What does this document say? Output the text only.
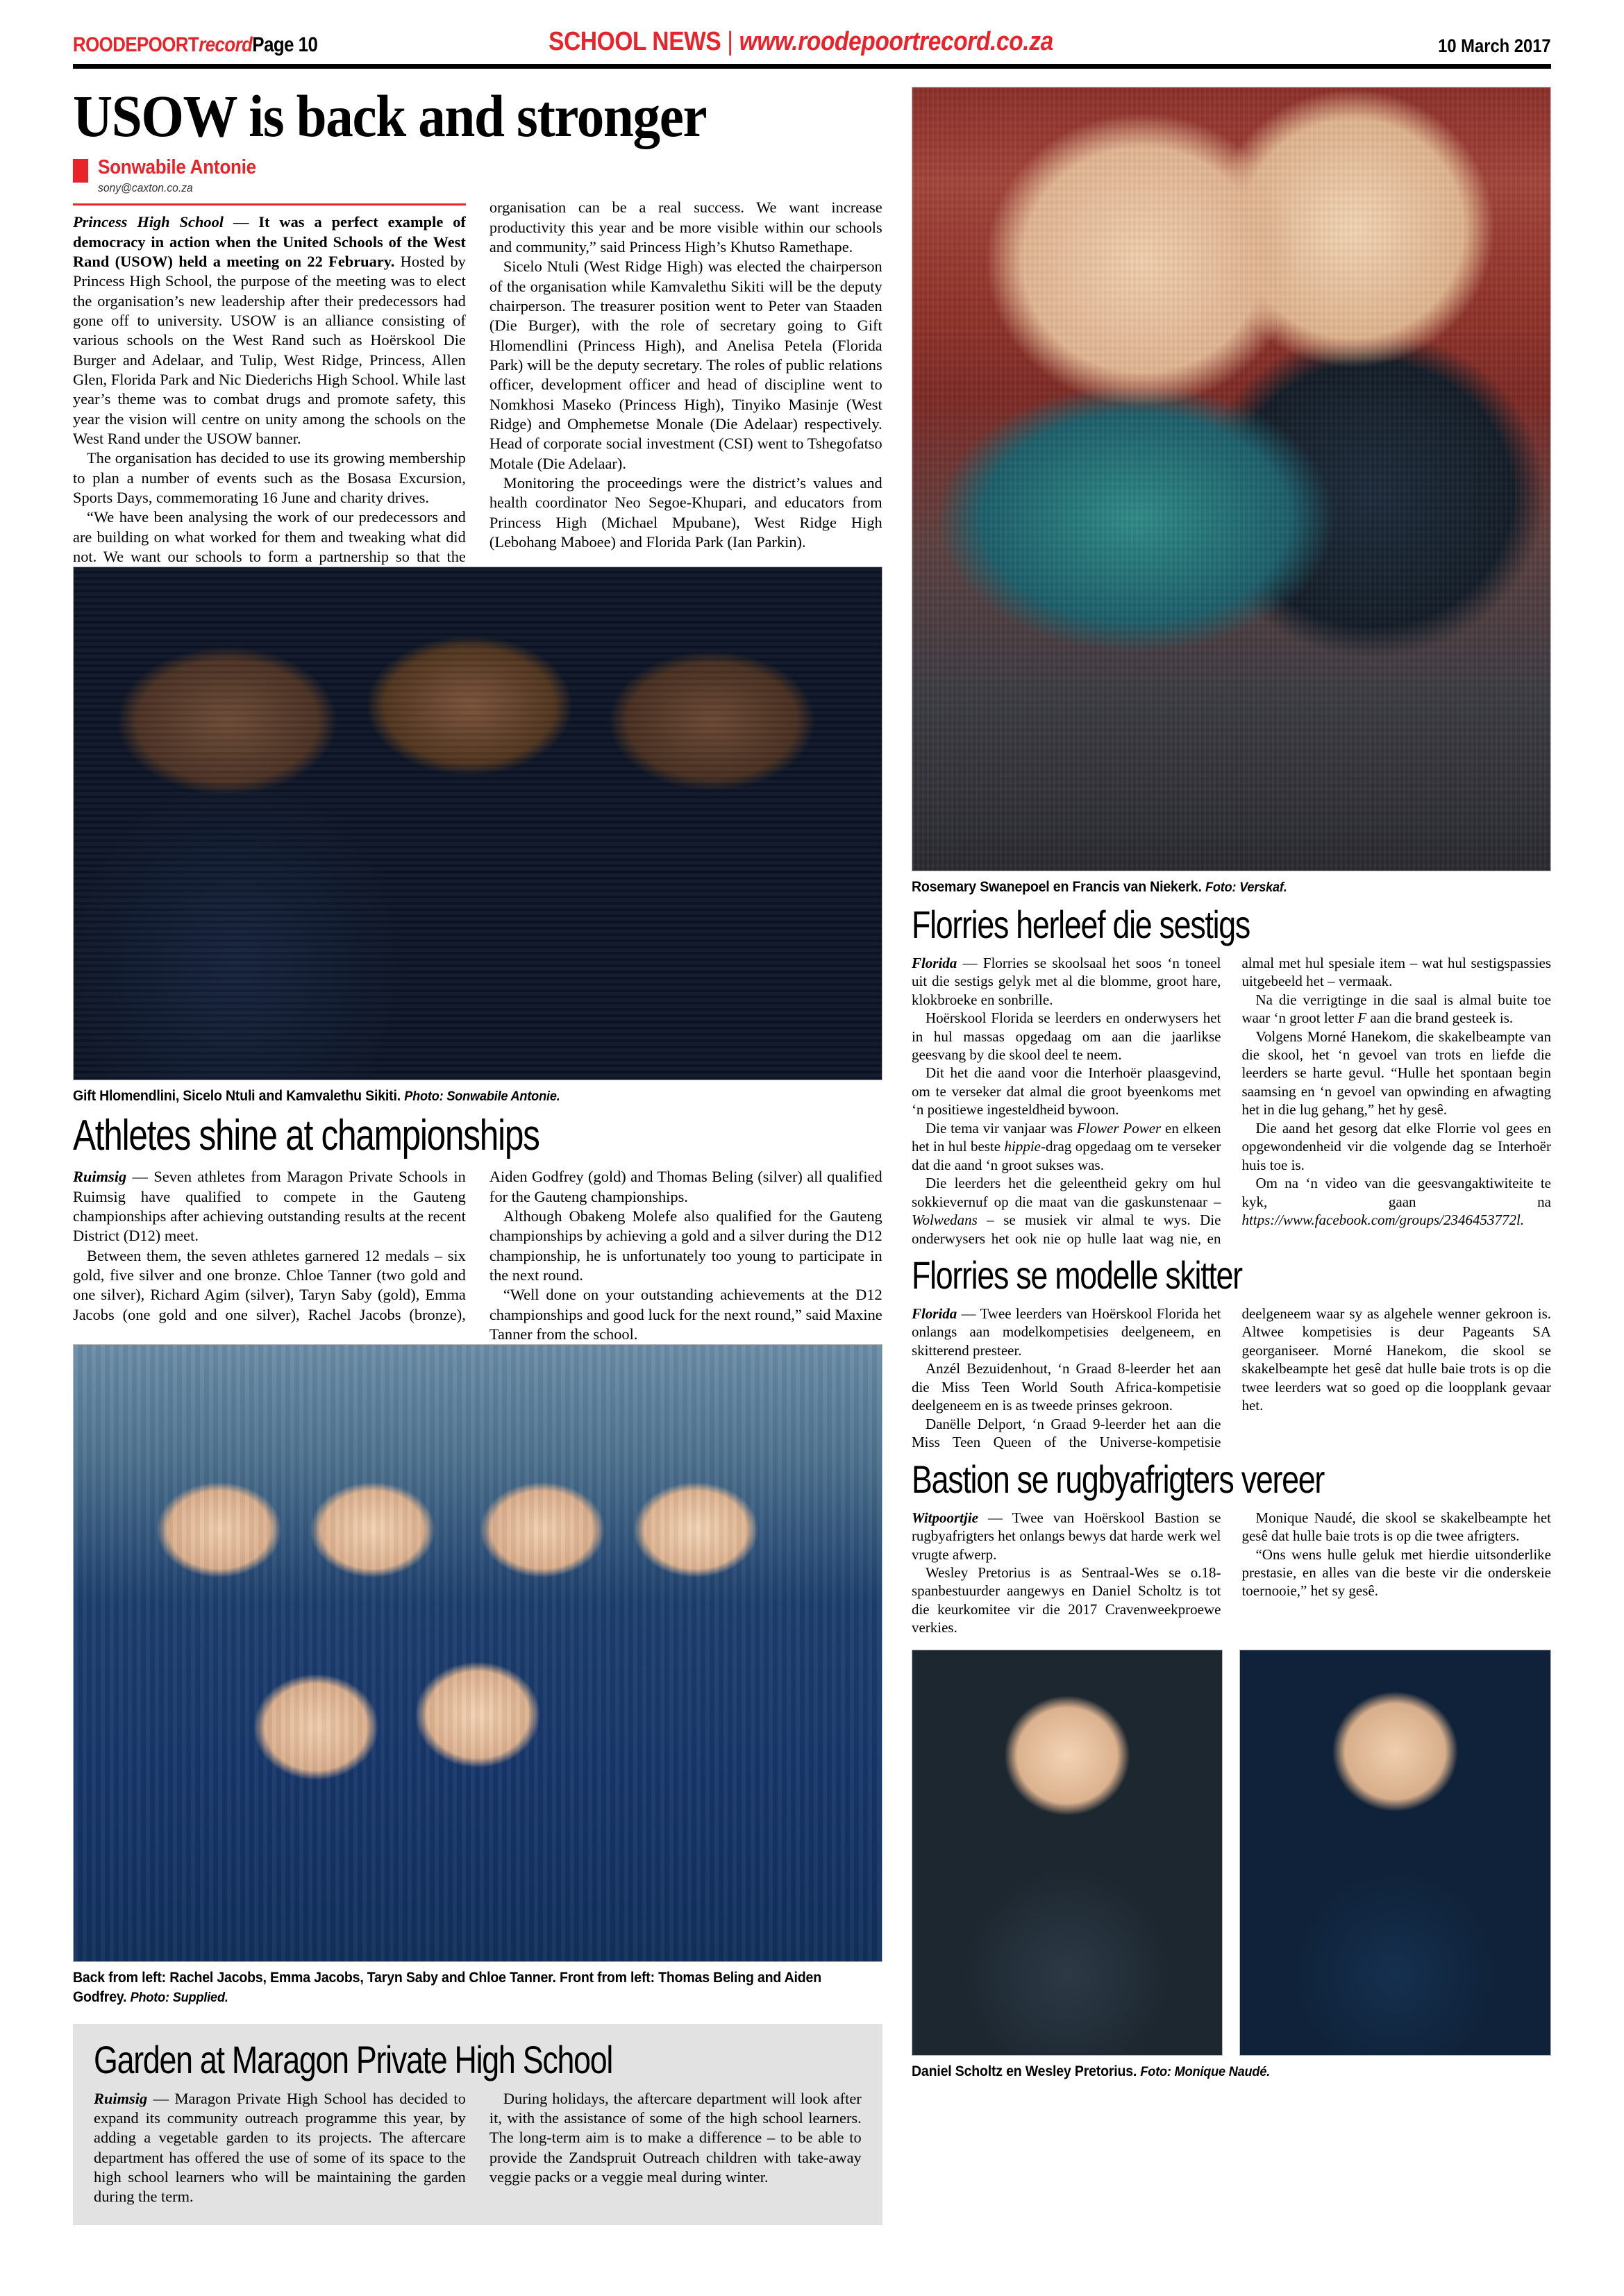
ROODEPOORTrecordPage 10	SCHOOL NEWS | www.roodepoortrecord.co.za	10 March 2017
USOW is back and stronger
Sonwabile Antonie
sony@caxton.co.za

Princess High School — It was a perfect example of democracy in action when the United Schools of the West Rand (USOW) held a meeting on 22 February. Hosted by Princess High School, the purpose of the meeting was to elect the organisation’s new leadership after their predecessors had gone off to university. USOW is an alliance consisting of various schools on the West Rand such as Hoërskool Die Burger and Adelaar, and Tulip, West Ridge, Princess, Allen Glen, Florida Park and Nic Diederichs High School. While last year’s theme was to combat drugs and promote safety, this year the vision will centre on unity among the schools on the West Rand under the USOW banner.

The organisation has decided to use its growing membership to plan a number of events such as the Bosasa Excursion, Sports Days, commemorating 16 June and charity drives.

“We have been analysing the work of our predecessors and are building on what worked for them and tweaking what did not. We want our schools to form a partnership so that the organisation can be a real success. We want increase productivity this year and be more visible within our schools and community,” said Princess High’s Khutso Ramethape.

Sicelo Ntuli (West Ridge High) was elected the chairperson of the organisation while Kamvalethu Sikiti will be the deputy chairperson. The treasurer position went to Peter van Staaden (Die Burger), with the role of secretary going to Gift Hlomendlini (Princess High), and Anelisa Petela (Florida Park) will be the deputy secretary. The roles of public relations officer, development officer and head of discipline went to Nomkhosi Maseko (Princess High), Tinyiko Masinje (West Ridge) and Omphemetse Monale (Die Adelaar) respectively. Head of corporate social investment (CSI) went to Tshegofatso Motale (Die Adelaar).

Monitoring the proceedings were the district’s values and health coordinator Neo Segoe-Khupari, and educators from Princess High (Michael Mpubane), West Ridge High (Lebohang Maboee) and Florida Park (Ian Parkin).

Gift Hlomendlini, Sicelo Ntuli and Kamvalethu Sikiti. Photo: Sonwabile Antonie.
Athletes shine at championships

Ruimsig — Seven athletes from Maragon Private Schools in Ruimsig have qualified to compete in the Gauteng championships after achieving outstanding results at the recent District (D12) meet.

Between them, the seven athletes garnered 12 medals – six gold, five silver and one bronze. Chloe Tanner (two gold and one silver), Richard Agim (silver), Taryn Saby (gold), Emma Jacobs (one gold and one silver), Rachel Jacobs (bronze), Aiden Godfrey (gold) and Thomas Beling (silver) all qualified for the Gauteng championships.

Although Obakeng Molefe also qualified for the Gauteng championships by achieving a gold and a silver during the D12 championship, he is unfortunately too young to participate in the next round.

“Well done on your outstanding achievements at the D12 championships and good luck for the next round,” said Maxine Tanner from the school.

Back from left: Rachel Jacobs, Emma Jacobs, Taryn Saby and Chloe Tanner. Front from left: Thomas Beling and Aiden Godfrey. Photo: Supplied.
Garden at Maragon Private High School

Ruimsig — Maragon Private High School has decided to expand its community outreach programme this year, by adding a vegetable garden to its projects. The aftercare department has offered the use of some of its space to the high school learners who will be maintaining the garden during the term.

During holidays, the aftercare department will look after it, with the assistance of some of the high school learners. The long-term aim is to make a difference – to be able to provide the Zandspruit Outreach children with take-away veggie packs or a veggie meal during winter.

Rosemary Swanepoel en Francis van Niekerk. Foto: Verskaf.
Florries herleef die sestigs

Florida — Florries se skoolsaal het soos ‘n toneel uit die sestigs gelyk met al die blomme, groot hare, klokbroeke en sonbrille.

Hoërskool Florida se leerders en onderwysers het in hul massas opgedaag om aan die jaarlikse geesvang by die skool deel te neem.

Dit het die aand voor die Interhoër plaasgevind, om te verseker dat almal die groot byeenkoms met ‘n positiewe ingesteldheid bywoon.

Die tema vir vanjaar was Flower Power en elkeen het in hul beste hippie-drag opgedaag om te verseker dat die aand ‘n groot sukses was.

Die leerders het die geleentheid gekry om hul sokkievernuf op die maat van die gaskunstenaar – Wolwedans – se musiek vir almal te wys. Die onderwysers het ook nie op hulle laat wag nie, en almal met hul spesiale item – wat hul sestigspassies uitgebeeld het – vermaak.

Na die verrigtinge in die saal is almal buite toe waar ‘n groot letter F aan die brand gesteek is.

Volgens Morné Hanekom, die skakelbeampte van die skool, het ‘n gevoel van trots en liefde die leerders se harte gevul. “Hulle het spontaan begin saamsing en ‘n gevoel van opwinding en afwagting het in die lug gehang,” het hy gesê.

Die aand het gesorg dat elke Florrie vol gees en opgewondenheid vir die volgende dag se Interhoër huis toe is.

Om na ‘n video van die geesvangaktiwiteite te kyk, gaan na https://www.facebook.com/groups/2346453772l.

Florries se modelle skitter

Florida — Twee leerders van Hoërskool Florida het onlangs aan modelkompetisies deelgeneem, en skitterend presteer.

Anzél Bezuidenhout, ‘n Graad 8-leerder het aan die Miss Teen World South Africa-kompetisie deelgeneem en is as tweede prinses gekroon.

Danëlle Delport, ‘n Graad 9-leerder het aan die Miss Teen Queen of the Universe-kompetisie deelgeneem waar sy as algehele wenner gekroon is. Altwee kompetisies is deur Pageants SA georganiseer. Morné Hanekom, die skool se skakelbeampte het gesê dat hulle baie trots is op die twee leerders wat so goed op die loopplank gevaar het.

Bastion se rugbyafrigters vereer

Witpoortjie — Twee van Hoërskool Bastion se rugbyafrigters het onlangs bewys dat harde werk wel vrugte afwerp.

Wesley Pretorius is as Sentraal-Wes se o.18-spanbestuurder aangewys en Daniel Scholtz is tot die keurkomitee vir die 2017 Cravenweekproewe verkies.

Monique Naudé, die skool se skakelbeampte het gesê dat hulle baie trots is op die twee afrigters.

“Ons wens hulle geluk met hierdie uitsonderlike prestasie, en alles van die beste vir die onderskeie toernooie,” het sy gesê.

Daniel Scholtz en Wesley Pretorius. Foto: Monique Naudé.
